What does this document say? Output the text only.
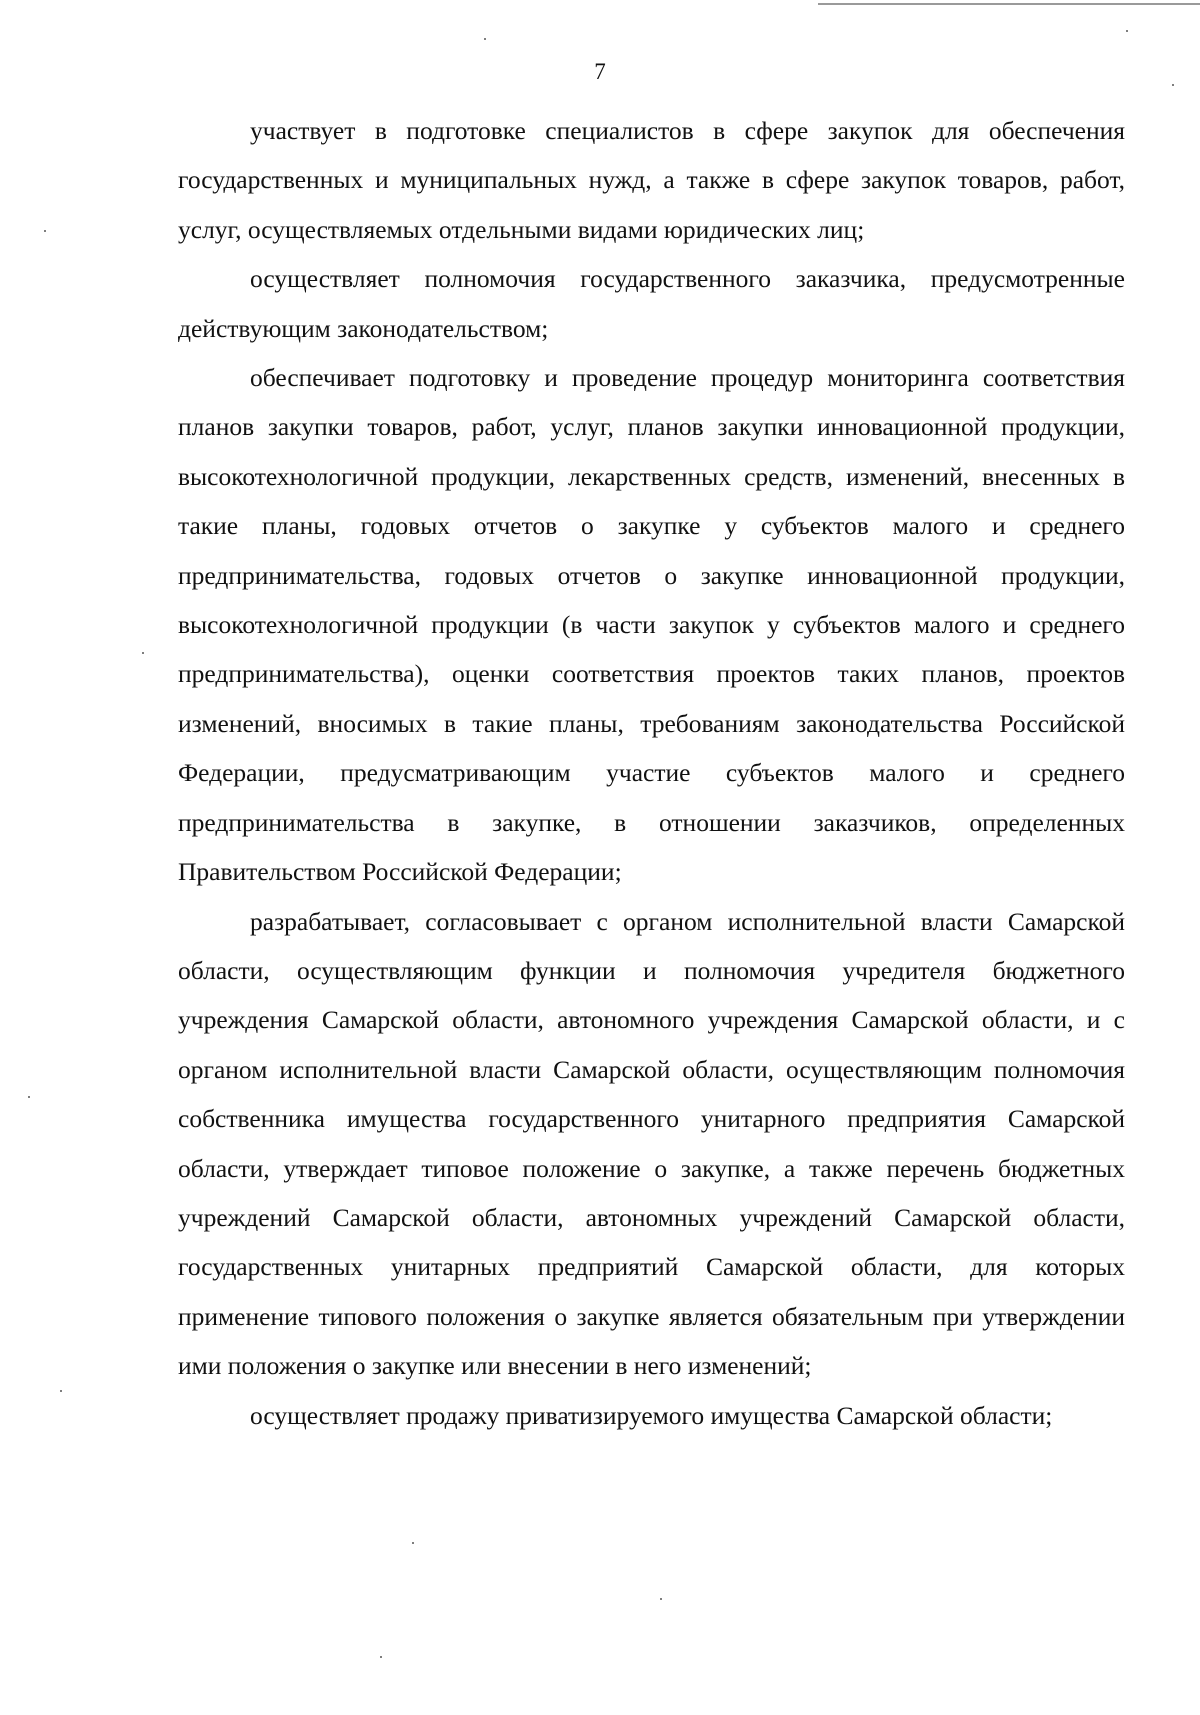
7

участвует в подготовке специалистов в сфере закупок для обеспечения государственных и муниципальных нужд, а также в сфере закупок товаров, работ, услуг, осуществляемых отдельными видами юридических лиц;

осуществляет полномочия государственного заказчика, предусмотренные действующим законодательством;

обеспечивает подготовку и проведение процедур мониторинга соответствия планов закупки товаров, работ, услуг, планов закупки инновационной продукции, высокотехнологичной продукции, лекарственных средств, изменений, внесенных в такие планы, годовых отчетов о закупке у субъектов малого и среднего предпринимательства, годовых отчетов о закупке инновационной продукции, высокотехнологичной продукции (в части закупок у субъектов малого и среднего предпринимательства), оценки соответствия проектов таких планов, проектов изменений, вносимых в такие планы, требованиям законодательства Российской Федерации, предусматривающим участие субъектов малого и среднего предпринимательства в закупке, в отношении заказчиков, определенных Правительством Российской Федерации;

разрабатывает, согласовывает с органом исполнительной власти Самарской области, осуществляющим функции и полномочия учредителя бюджетного учреждения Самарской области, автономного учреждения Самарской области, и с органом исполнительной власти Самарской области, осуществляющим полномочия собственника имущества государственного унитарного предприятия Самарской области, утверждает типовое положение о закупке, а также перечень бюджетных учреждений Самарской области, автономных учреждений Самарской области, государственных унитарных предприятий Самарской области, для которых применение типового положения о закупке является обязательным при утверждении ими положения о закупке или внесении в него изменений;

осуществляет продажу приватизируемого имущества Самарской области;
